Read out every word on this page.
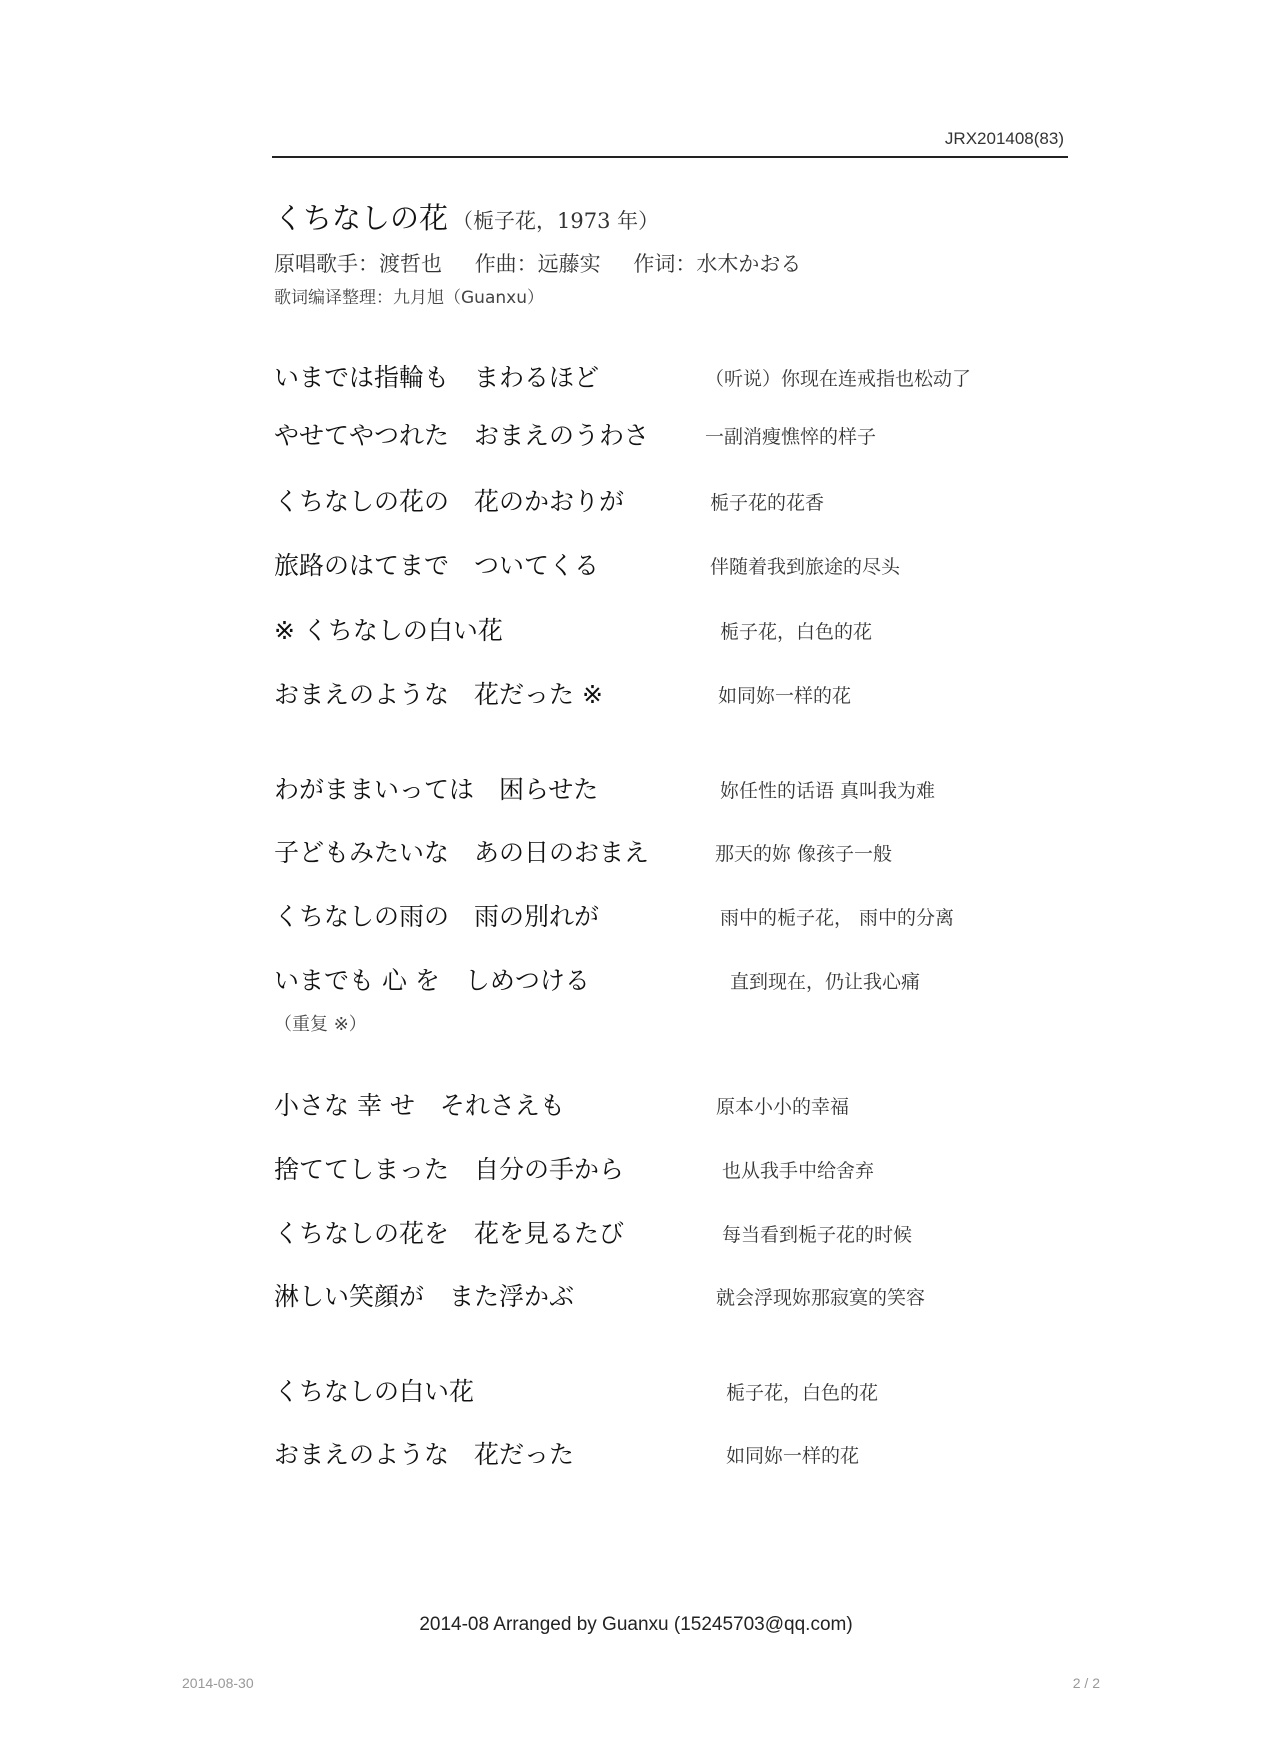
JRX201408(83)
くちなしの花 （栀子花，1973 年）
原唱歌手：渡哲也 作曲：远藤实 作词：水木かおる
歌词编译整理：九月旭（Guanxu）
いまでは指輪も　まわるほど	（听说）你现在连戒指也松动了
やせてやつれた　おまえのうわさ	一副消瘦憔悴的样子
くちなしの花の　花のかおりが	栀子花的花香
旅路のはてまで　ついてくる	伴随着我到旅途的尽头
※ くちなしの白い花	栀子花，白色的花
おまえのような　花だった ※	如同妳一样的花
わがままいっては　困らせた	妳任性的话语 真叫我为难
子どもみたいな　あの日のおまえ	那天的妳 像孩子一般
くちなしの雨の　雨の別れが	雨中的栀子花， 雨中的分离
いまでも 心 を　しめつける	直到现在，仍让我心痛
（重复 ※）
小さな 幸 せ　それさえも	原本小小的幸福
捨ててしまった　自分の手から	也从我手中给舍弃
くちなしの花を　花を見るたび	每当看到栀子花的时候
淋しい笑顔が　また浮かぶ	就会浮现妳那寂寞的笑容
くちなしの白い花	栀子花，白色的花
おまえのような　花だった	如同妳一样的花
2014-08 Arranged by Guanxu (15245703@qq.com)
2014-08-30	2 / 2
